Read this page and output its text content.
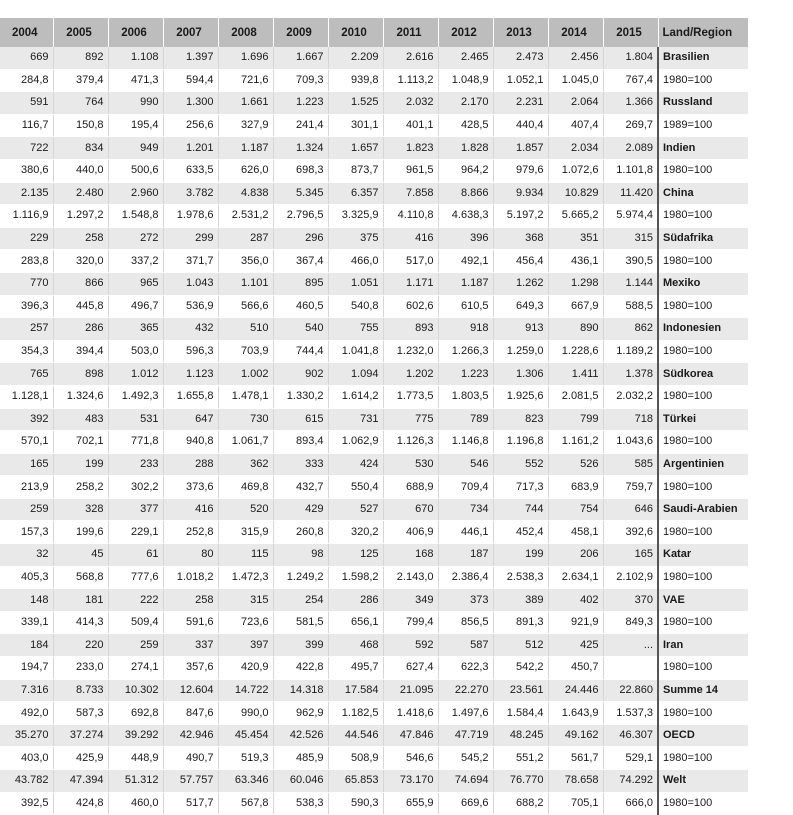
2004	2005	2006	2007	2008	2009	2010	2011	2012	2013	2014	2015	Land/Region
669	892	1.108	1.397	1.696	1.667	2.209	2.616	2.465	2.473	2.456	1.804	Brasilien
284,8	379,4	471,3	594,4	721,6	709,3	939,8	1.113,2	1.048,9	1.052,1	1.045,0	767,4	1980=100
591	764	990	1.300	1.661	1.223	1.525	2.032	2.170	2.231	2.064	1.366	Russland
116,7	150,8	195,4	256,6	327,9	241,4	301,1	401,1	428,5	440,4	407,4	269,7	1989=100
722	834	949	1.201	1.187	1.324	1.657	1.823	1.828	1.857	2.034	2.089	Indien
380,6	440,0	500,6	633,5	626,0	698,3	873,7	961,5	964,2	979,6	1.072,6	1.101,8	1980=100
2.135	2.480	2.960	3.782	4.838	5.345	6.357	7.858	8.866	9.934	10.829	11.420	China
1.116,9	1.297,2	1.548,8	1.978,6	2.531,2	2.796,5	3.325,9	4.110,8	4.638,3	5.197,2	5.665,2	5.974,4	1980=100
229	258	272	299	287	296	375	416	396	368	351	315	Südafrika
283,8	320,0	337,2	371,7	356,0	367,4	466,0	517,0	492,1	456,4	436,1	390,5	1980=100
770	866	965	1.043	1.101	895	1.051	1.171	1.187	1.262	1.298	1.144	Mexiko
396,3	445,8	496,7	536,9	566,6	460,5	540,8	602,6	610,5	649,3	667,9	588,5	1980=100
257	286	365	432	510	540	755	893	918	913	890	862	Indonesien
354,3	394,4	503,0	596,3	703,9	744,4	1.041,8	1.232,0	1.266,3	1.259,0	1.228,6	1.189,2	1980=100
765	898	1.012	1.123	1.002	902	1.094	1.202	1.223	1.306	1.411	1.378	Südkorea
1.128,1	1.324,6	1.492,3	1.655,8	1.478,1	1.330,2	1.614,2	1.773,5	1.803,5	1.925,6	2.081,5	2.032,2	1980=100
392	483	531	647	730	615	731	775	789	823	799	718	Türkei
570,1	702,1	771,8	940,8	1.061,7	893,4	1.062,9	1.126,3	1.146,8	1.196,8	1.161,2	1.043,6	1980=100
165	199	233	288	362	333	424	530	546	552	526	585	Argentinien
213,9	258,2	302,2	373,6	469,8	432,7	550,4	688,9	709,4	717,3	683,9	759,7	1980=100
259	328	377	416	520	429	527	670	734	744	754	646	Saudi-Arabien
157,3	199,6	229,1	252,8	315,9	260,8	320,2	406,9	446,1	452,4	458,1	392,6	1980=100
32	45	61	80	115	98	125	168	187	199	206	165	Katar
405,3	568,8	777,6	1.018,2	1.472,3	1.249,2	1.598,2	2.143,0	2.386,4	2.538,3	2.634,1	2.102,9	1980=100
148	181	222	258	315	254	286	349	373	389	402	370	VAE
339,1	414,3	509,4	591,6	723,6	581,5	656,1	799,4	856,5	891,3	921,9	849,3	1980=100
184	220	259	337	397	399	468	592	587	512	425	...	Iran
194,7	233,0	274,1	357,6	420,9	422,8	495,7	627,4	622,3	542,2	450,7		1980=100
7.316	8.733	10.302	12.604	14.722	14.318	17.584	21.095	22.270	23.561	24.446	22.860	Summe 14
492,0	587,3	692,8	847,6	990,0	962,9	1.182,5	1.418,6	1.497,6	1.584,4	1.643,9	1.537,3	1980=100
35.270	37.274	39.292	42.946	45.454	42.526	44.546	47.846	47.719	48.245	49.162	46.307	OECD
403,0	425,9	448,9	490,7	519,3	485,9	508,9	546,6	545,2	551,2	561,7	529,1	1980=100
43.782	47.394	51.312	57.757	63.346	60.046	65.853	73.170	74.694	76.770	78.658	74.292	Welt
392,5	424,8	460,0	517,7	567,8	538,3	590,3	655,9	669,6	688,2	705,1	666,0	1980=100
